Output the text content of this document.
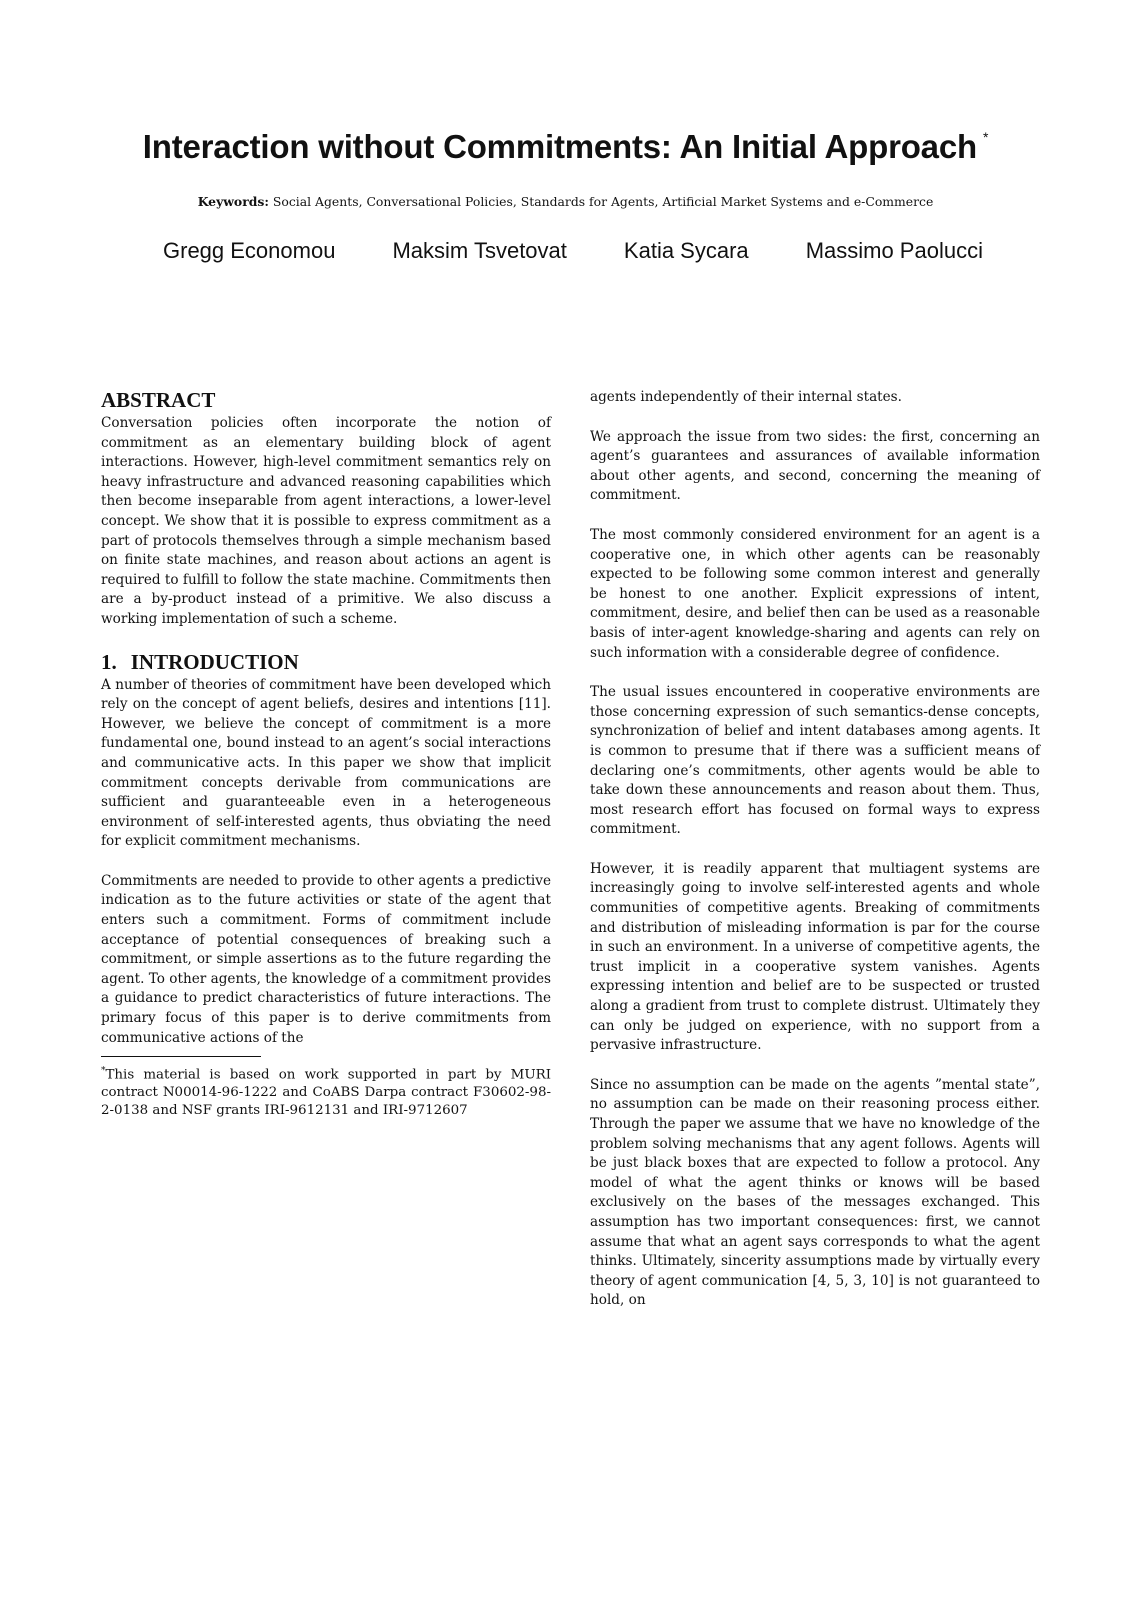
Interaction without Commitments: An Initial Approach *

Keywords: Social Agents, Conversational Policies, Standards for Agents, Artificial Market Systems and e-Commerce

Gregg Economou	Maksim Tsvetovat	Katia Sycara	Massimo Paolucci
ABSTRACT

Conversation policies often incorporate the notion of commitment as an elementary building block of agent interactions. However, high-level commitment semantics rely on heavy infrastructure and advanced reasoning capabilities which then become inseparable from agent interactions, a lower-level concept. We show that it is possible to express commitment as a part of protocols themselves through a simple mechanism based on finite state machines, and reason about actions an agent is required to fulfill to follow the state machine. Commitments then are a by-product instead of a primitive. We also discuss a working implementation of such a scheme.

1. INTRODUCTION

A number of theories of commitment have been developed which rely on the concept of agent beliefs, desires and intentions [11]. However, we believe the concept of commitment is a more fundamental one, bound instead to an agent’s social interactions and communicative acts. In this paper we show that implicit commitment concepts derivable from communications are sufficient and guaranteeable even in a heterogeneous environment of self-interested agents, thus obviating the need for explicit commitment mechanisms.

Commitments are needed to provide to other agents a predictive indication as to the future activities or state of the agent that enters such a commitment. Forms of commitment include acceptance of potential consequences of breaking such a commitment, or simple assertions as to the future regarding the agent. To other agents, the knowledge of a commitment provides a guidance to predict characteristics of future interactions. The primary focus of this paper is to derive commitments from communicative actions of the

*This material is based on work supported in part by MURI contract N00014-96-1222 and CoABS Darpa contract F30602-98-2-0138 and NSF grants IRI-9612131 and IRI-9712607

agents independently of their internal states.

We approach the issue from two sides: the first, concerning an agent’s guarantees and assurances of available information about other agents, and second, concerning the meaning of commitment.

The most commonly considered environment for an agent is a cooperative one, in which other agents can be reasonably expected to be following some common interest and generally be honest to one another. Explicit expressions of intent, commitment, desire, and belief then can be used as a reasonable basis of inter-agent knowledge-sharing and agents can rely on such information with a considerable degree of confidence.

The usual issues encountered in cooperative environments are those concerning expression of such semantics-dense concepts, synchronization of belief and intent databases among agents. It is common to presume that if there was a sufficient means of declaring one’s commitments, other agents would be able to take down these announcements and reason about them. Thus, most research effort has focused on formal ways to express commitment.

However, it is readily apparent that multiagent systems are increasingly going to involve self-interested agents and whole communities of competitive agents. Breaking of commitments and distribution of misleading information is par for the course in such an environment. In a universe of competitive agents, the trust implicit in a cooperative system vanishes. Agents expressing intention and belief are to be suspected or trusted along a gradient from trust to complete distrust. Ultimately they can only be judged on experience, with no support from a pervasive infrastructure.

Since no assumption can be made on the agents ”mental state”, no assumption can be made on their reasoning process either. Through the paper we assume that we have no knowledge of the problem solving mechanisms that any agent follows. Agents will be just black boxes that are expected to follow a protocol. Any model of what the agent thinks or knows will be based exclusively on the bases of the messages exchanged. This assumption has two important consequences: first, we cannot assume that what an agent says corresponds to what the agent thinks. Ultimately, sincerity assumptions made by virtually every theory of agent communication [4, 5, 3, 10] is not guaranteed to hold, on
